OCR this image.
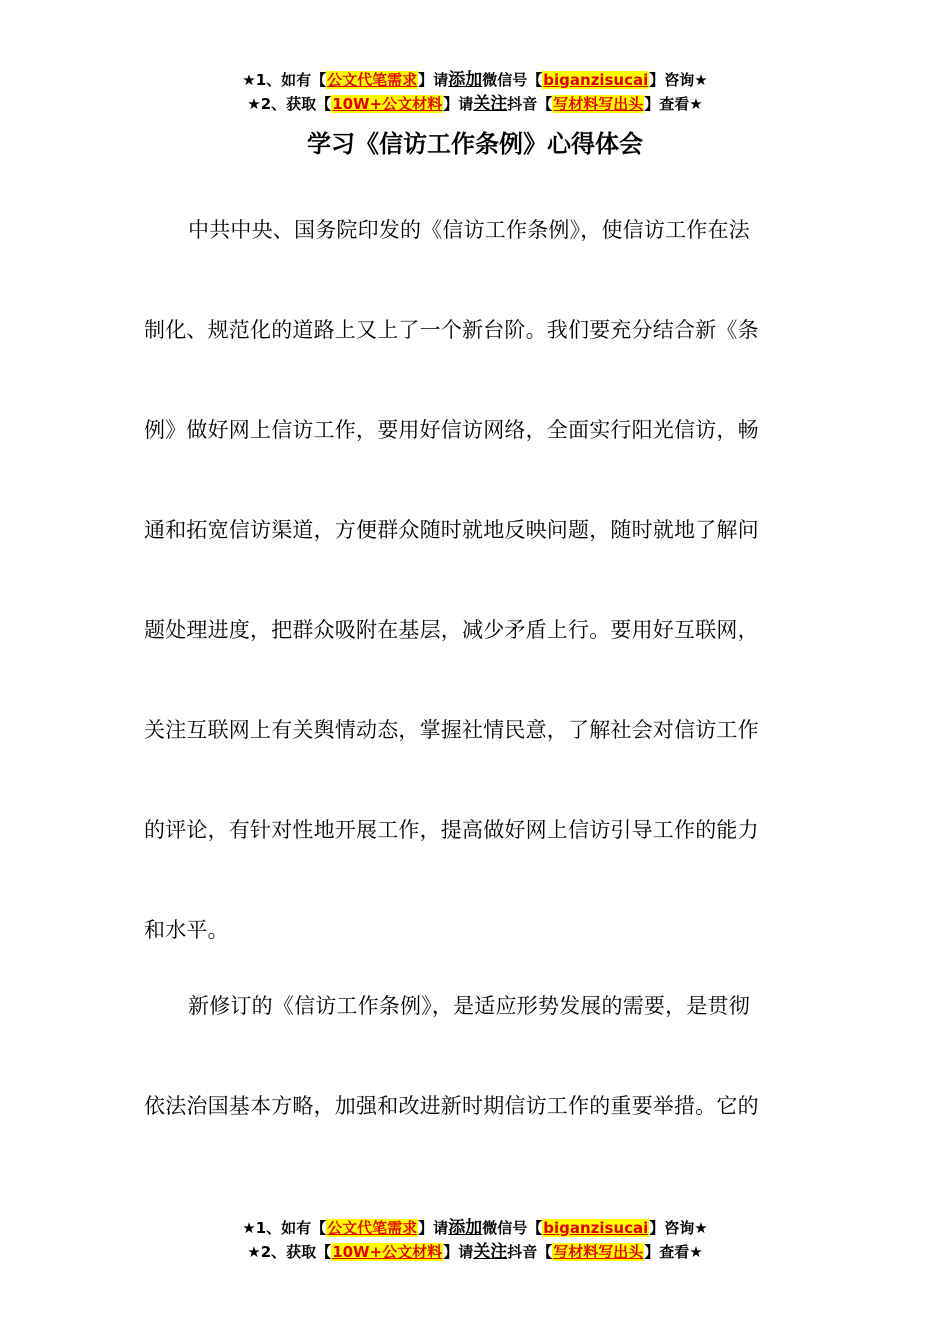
★1、如有【公文代笔需求】请添加微信号【biganzisucai】咨询★
★2、获取【10W+公文材料】请关注抖音【写材料写出头】查看★
学习《信访工作条例》心得体会

中共中央、国务院印发的《信访工作条例》，使信访工作在法
制化、规范化的道路上又上了一个新台阶。我们要充分结合新《条
例》做好网上信访工作，要用好信访网络，全面实行阳光信访，畅
通和拓宽信访渠道，方便群众随时就地反映问题，随时就地了解问
题处理进度，把群众吸附在基层，减少矛盾上行。要用好互联网，
关注互联网上有关舆情动态，掌握社情民意，了解社会对信访工作
的评论，有针对性地开展工作，提高做好网上信访引导工作的能力
和水平。

新修订的《信访工作条例》，是适应形势发展的需要，是贯彻
依法治国基本方略，加强和改进新时期信访工作的重要举措。它的

★1、如有【公文代笔需求】请添加微信号【biganzisucai】咨询★
★2、获取【10W+公文材料】请关注抖音【写材料写出头】查看★
